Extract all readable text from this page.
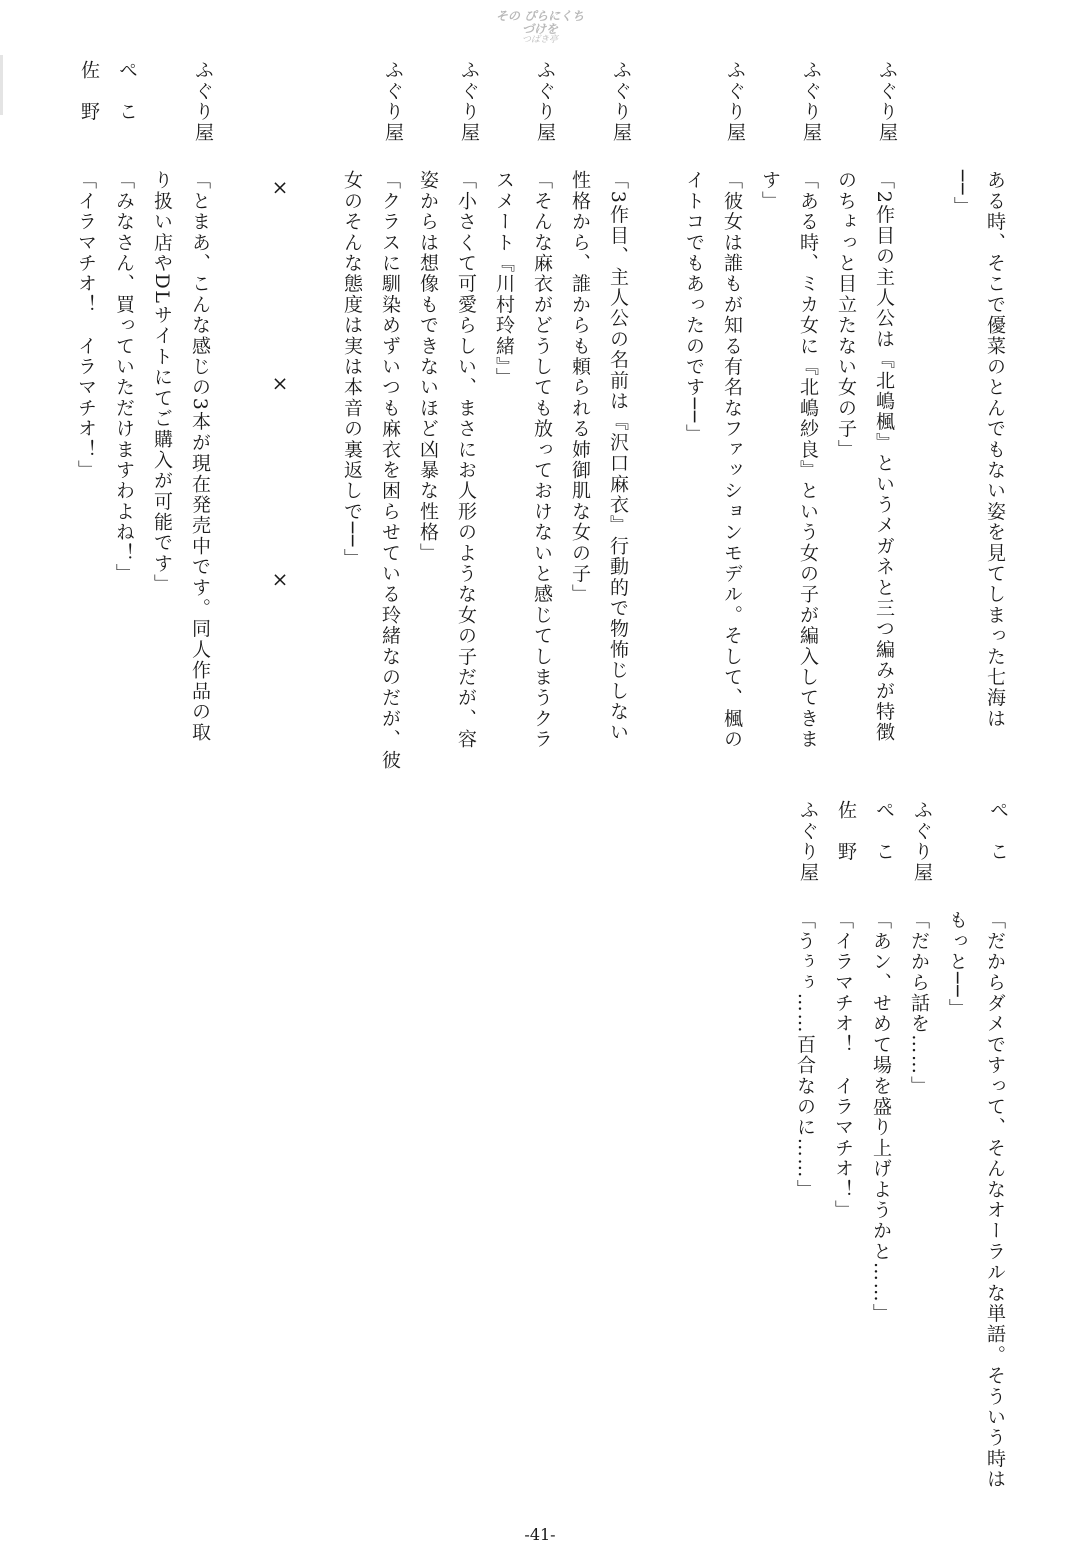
その ぴらにくちづけを
つばき亭
ある時、そこで優菜のとんでもない姿を見てしまった七海は
──」
ふぐり屋
「2作目の主人公は『北嶋楓』というメガネと三つ編みが特徴
のちょっと目立たない女の子」
ふぐり屋
「ある時、ミカ女に『北嶋紗良』という女の子が編入してきま
す」
ふぐり屋
「彼女は誰もが知る有名なファッションモデル。そして、楓の
イトコでもあったのです──」
ふぐり屋
「3作目、主人公の名前は『沢口麻衣』行動的で物怖じしない
性格から、誰からも頼られる姉御肌な女の子」
ふぐり屋
「そんな麻衣がどうしても放っておけないと感じてしまうクラ
スメート『川村玲緒』」
ふぐり屋
「小さくて可愛らしい、まさにお人形のような女の子だが、容
姿からは想像もできないほど凶暴な性格」
ふぐり屋
「クラスに馴染めずいつも麻衣を困らせている玲緒なのだが、彼
女のそんな態度は実は本音の裏返しで──」
×　×　×
ふぐり屋
「とまあ、こんな感じの3本が現在発売中です。同人作品の取
り扱い店やDLサイトにてご購入が可能です」
ぺ　こ
「みなさん、買っていただけますわよね！」
佐　野
「イラマチオ！　イラマチオ！」
ぺ　こ
「だからダメですって、そんなオーラルな単語。そういう時は
もっと──」
ふぐり屋
「だから話を……」
ぺ　こ
「あン、せめて場を盛り上げようかと……」
佐　野
「イラマチオ！　イラマチオ！」
ふぐり屋
「うぅぅ……百合なのに……」
-41-
